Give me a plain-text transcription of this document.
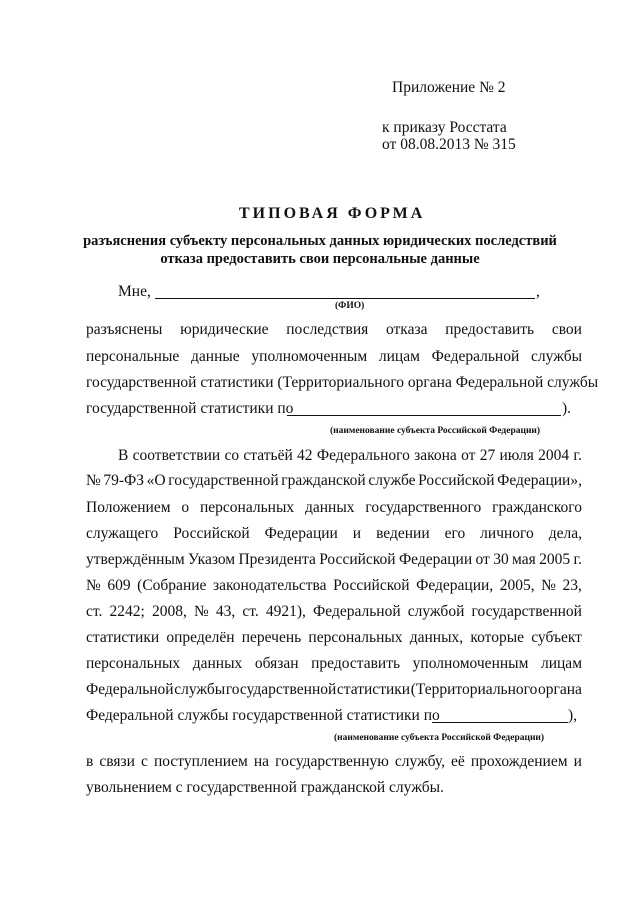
Приложение № 2
к приказу Росстата
от 08.08.2013 № 315
ТИПОВАЯ ФОРМА
разъяснения субъекту персональных данных юридических последствий
отказа предоставить свои персональные данные
Мне,	,
(ФИО)
разъяснены юридические последствия отказа предоставить свои
персональные данные уполномоченным лицам Федеральной службы
государственной статистики (Территориального органа Федеральной службы
государственной статистики по	).
(наименование субъекта Российской Федерации)
В соответствии со статьёй 42 Федерального закона от 27 июля 2004 г.
№ 79-ФЗ «О государственной гражданской службе Российской Федерации»,
Положением о персональных данных государственного гражданского
служащего Российской Федерации и ведении его личного дела,
утверждённым Указом Президента Российской Федерации от 30 мая 2005 г.
№ 609 (Собрание законодательства Российской Федерации, 2005, № 23,
ст. 2242; 2008, № 43, ст. 4921), Федеральной службой государственной
статистики определён перечень персональных данных, которые субъект
персональных данных обязан предоставить уполномоченным лицам
Федеральной службы государственной статистики (Территориального органа
Федеральной службы государственной статистики по	),
(наименование субъекта Российской Федерации)
в связи с поступлением на государственную службу, её прохождением и
увольнением с государственной гражданской службы.
